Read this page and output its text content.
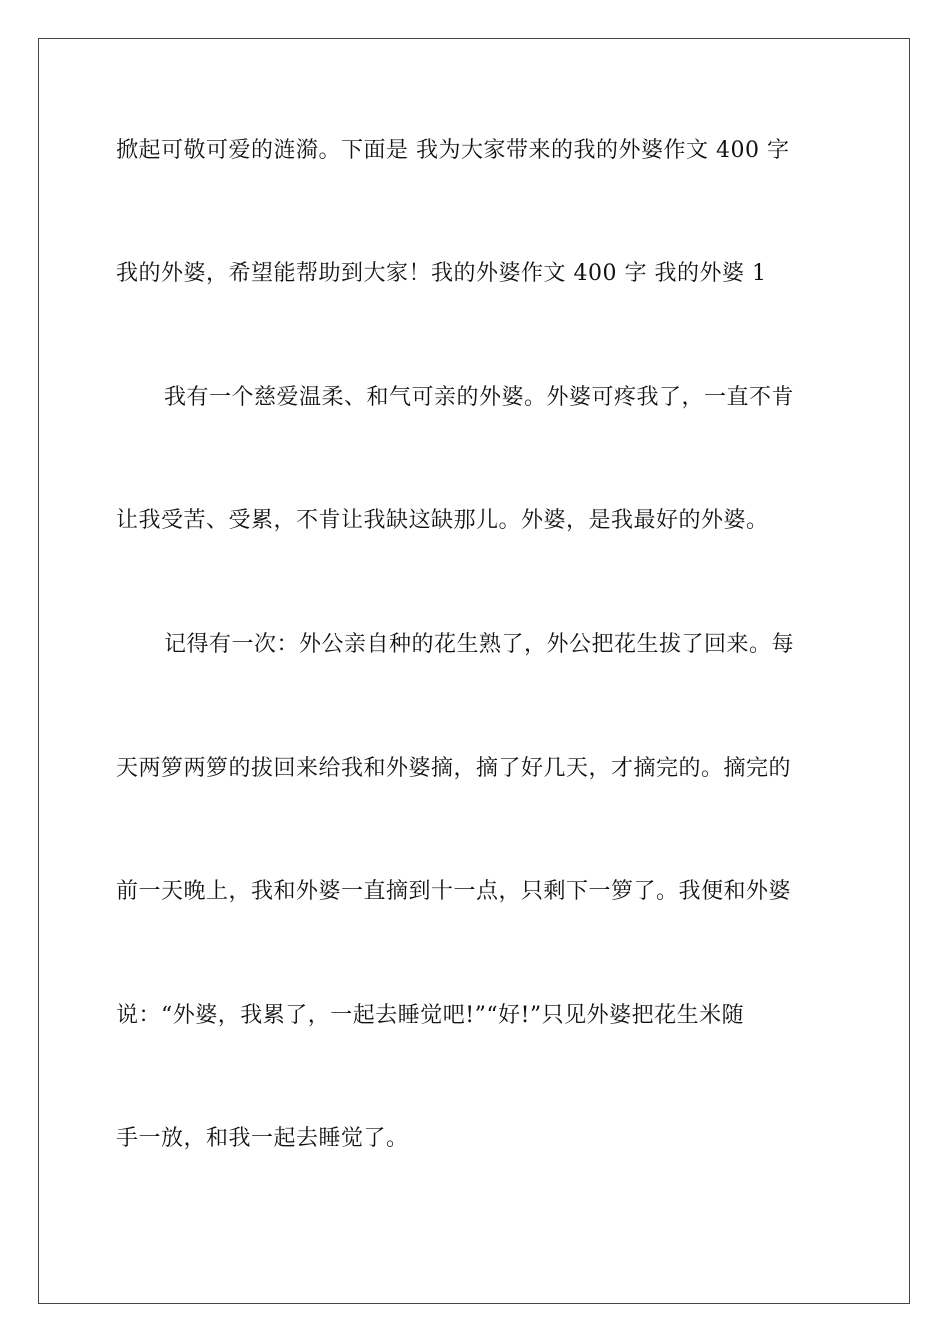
掀起可敬可爱的涟漪。下面是 我为大家带来的我的外婆作文 400 字
我的外婆，希望能帮助到大家！我的外婆作文 400 字 我的外婆 1
我有一个慈爱温柔、和气可亲的外婆。外婆可疼我了，一直不肯
让我受苦、受累，不肯让我缺这缺那儿。外婆，是我最好的外婆。
记得有一次：外公亲自种的花生熟了，外公把花生拔了回来。每
天两箩两箩的拔回来给我和外婆摘，摘了好几天，才摘完的。摘完的
前一天晚上，我和外婆一直摘到十一点，只剩下一箩了。我便和外婆
说：“外婆，我累了，一起去睡觉吧!”“好!”只见外婆把花生米随
手一放，和我一起去睡觉了。
